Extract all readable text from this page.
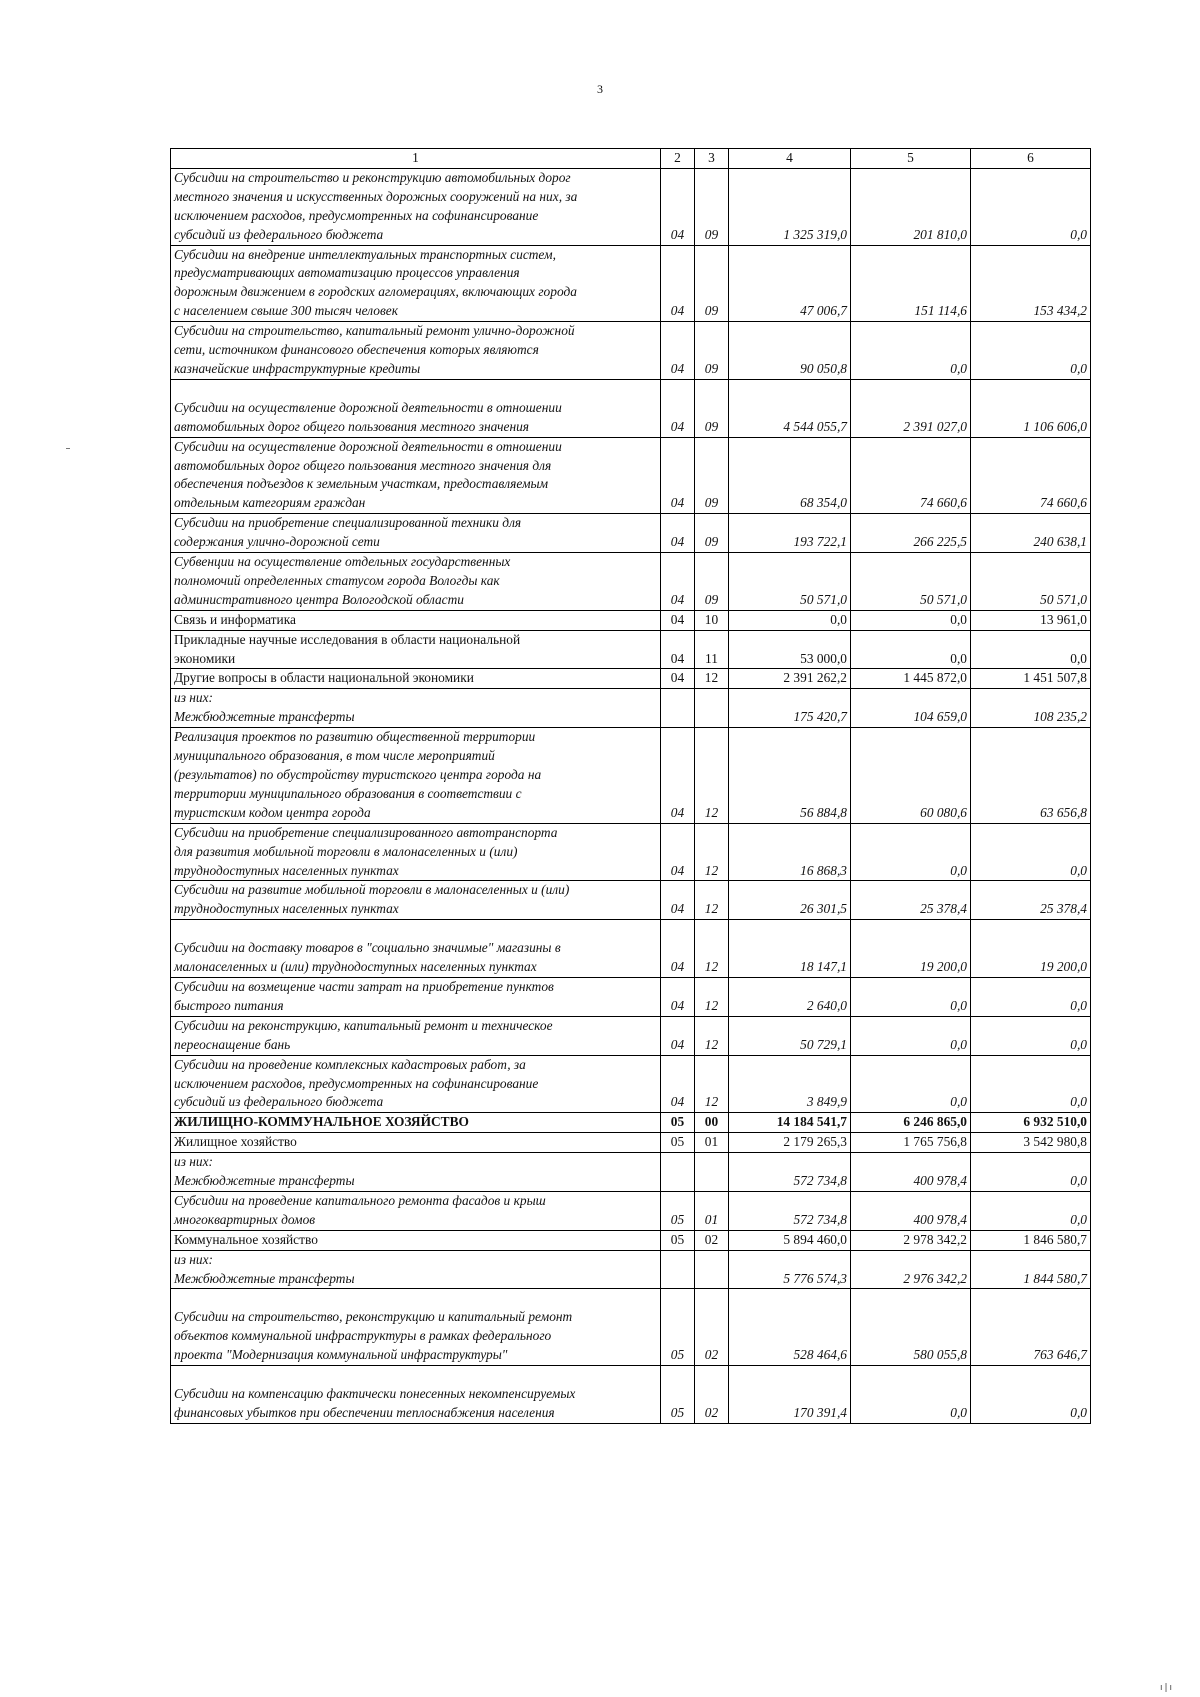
3
1	2	3	4	5	6

Субсидии на строительство и реконструкцию автомобильных дорог
местного значения и искусственных дорожных сооружений на них, за
исключением расходов, предусмотренных на софинансирование
субсидий из федерального бюджета	04	09	1 325 319,0	201 810,0	0,0

Субсидии на внедрение интеллектуальных транспортных систем,
предусматривающих автоматизацию процессов управления
дорожным движением в городских агломерациях, включающих города
с населением свыше 300 тысяч человек	04	09	47 006,7	151 114,6	153 434,2

Субсидии на строительство, капитальный ремонт улично-дорожной
сети, источником финансового обеспечения которых являются
казначейские инфраструктурные кредиты	04	09	90 050,8	0,0	0,0

Субсидии на осуществление дорожной деятельности в отношении
автомобильных дорог общего пользования местного значения	04	09	4 544 055,7	2 391 027,0	1 106 606,0

Субсидии на осуществление дорожной деятельности в отношении
автомобильных дорог общего пользования местного значения для
обеспечения подъездов к земельным участкам, предоставляемым
отдельным категориям граждан	04	09	68 354,0	74 660,6	74 660,6

Субсидии на приобретение специализированной техники для
содержания улично-дорожной сети	04	09	193 722,1	266 225,5	240 638,1

Субвенции на осуществление отдельных государственных
полномочий определенных статусом города Вологды как
административного центра Вологодской области	04	09	50 571,0	50 571,0	50 571,0

Связь и информатика	04	10	0,0	0,0	13 961,0

Прикладные научные исследования в области национальной
экономики	04	11	53 000,0	0,0	0,0

Другие вопросы в области национальной экономики	04	12	2 391 262,2	1 445 872,0	1 451 507,8

из них:
Межбюджетные трансферты			175 420,7	104 659,0	108 235,2

Реализация проектов по развитию общественной территории
муниципального образования, в том числе мероприятий
(результатов) по обустройству туристского центра города на
территории муниципального образования в соответствии с
туристским кодом центра города	04	12	56 884,8	60 080,6	63 656,8

Субсидии на приобретение специализированного автотранспорта
для развития мобильной торговли в малонаселенных и (или)
труднодоступных населенных пунктах	04	12	16 868,3	0,0	0,0

Субсидии на развитие мобильной торговли в малонаселенных и (или)
труднодоступных населенных пунктах	04	12	26 301,5	25 378,4	25 378,4

Субсидии на доставку товаров в "социально значимые" магазины в
малонаселенных и (или) труднодоступных населенных пунктах	04	12	18 147,1	19 200,0	19 200,0

Субсидии на возмещение части затрат на приобретение пунктов
быстрого питания	04	12	2 640,0	0,0	0,0

Субсидии на реконструкцию, капитальный ремонт и техническое
переоснащение бань	04	12	50 729,1	0,0	0,0

Субсидии на проведение комплексных кадастровых работ, за
исключением расходов, предусмотренных на софинансирование
субсидий из федерального бюджета	04	12	3 849,9	0,0	0,0

ЖИЛИЩНО-КОММУНАЛЬНОЕ ХОЗЯЙСТВО	05	00	14 184 541,7	6 246 865,0	6 932 510,0

Жилищное хозяйство	05	01	2 179 265,3	1 765 756,8	3 542 980,8

из них:
Межбюджетные трансферты			572 734,8	400 978,4	0,0

Субсидии на проведение капитального ремонта фасадов и крыш
многоквартирных домов	05	01	572 734,8	400 978,4	0,0

Коммунальное хозяйство	05	02	5 894 460,0	2 978 342,2	1 846 580,7

из них:
Межбюджетные трансферты			5 776 574,3	2 976 342,2	1 844 580,7

Субсидии на строительство, реконструкцию и капитальный ремонт
объектов коммунальной инфраструктуры в рамках федерального
проекта "Модернизация коммунальной инфраструктуры"	05	02	528 464,6	580 055,8	763 646,7

Субсидии на компенсацию фактически понесенных некомпенсируемых
финансовых убытков при обеспечении теплоснабжения населения	05	02	170 391,4	0,0	0,0
ı|ı
